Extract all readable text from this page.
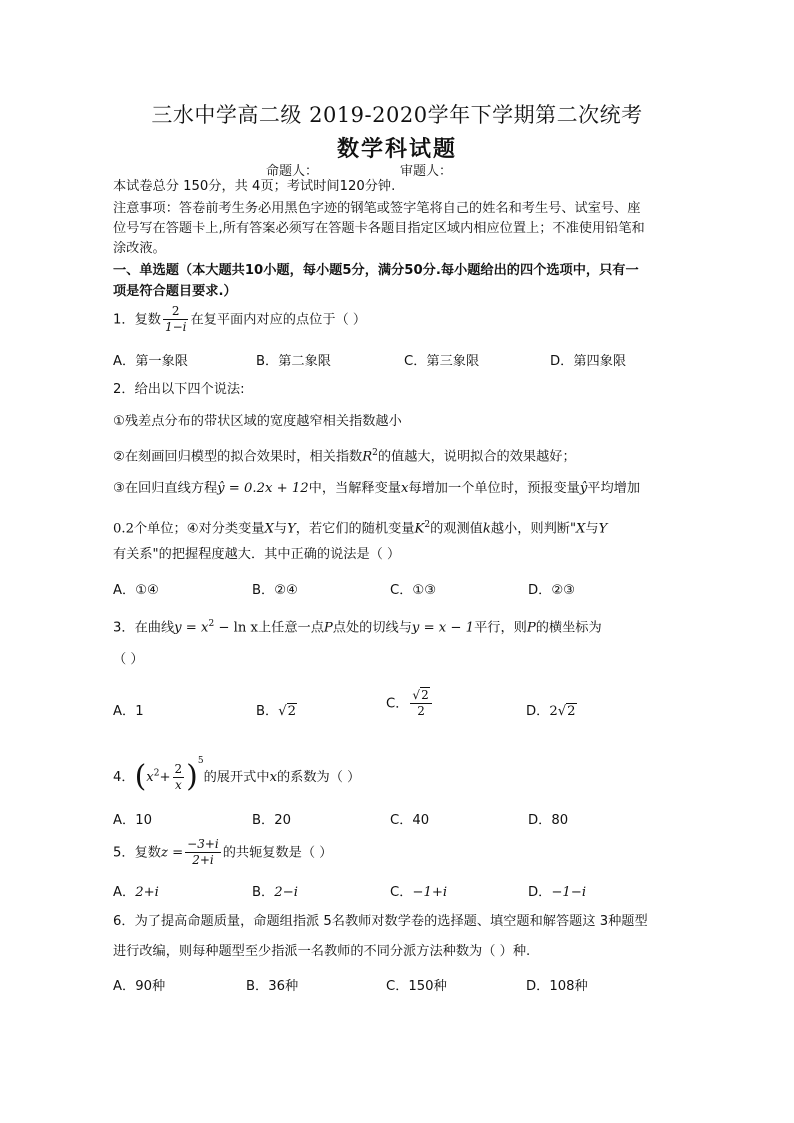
三水中学高二级 2019-2020学年下学期第二次统考
数学科试题
命题人：	审题人：
本试卷总分 150分，共 4页；考试时间120分钟.
注意事项：答卷前考生务必用黑色字迹的钢笔或签字笔将自己的姓名和考生号、试室号、座
位号写在答题卡上,所有答案必须写在答题卡各题目指定区域内相应位置上；不准使用铅笔和
涂改液。
一、单选题（本大题共10小题，每小题5分，满分50分.每小题给出的四个选项中，只有一
项是符合题目要求.）
1．复数 $\frac{2}{1-i}$ 在复平面内对应的点位于（ ）
A．第一象限	B．第二象限	C．第三象限	D．第四象限
2．给出以下四个说法:
①残差点分布的带状区域的宽度越窄相关指数越小
②在刻画回归模型的拟合效果时，相关指数$R^2$的值越大，说明拟合的效果越好；
③在回归直线方程ŷ = 0.2x + 12中，当解释变量x每增加一个单位时，预报变量ŷ平均增加
0.2个单位；④对分类变量X与Y，若它们的随机变量$K^2$的观测值k越小，则判断"X与Y
有关系"的把握程度越大．其中正确的说法是（ ）
A．①④	B．②④	C．①③	D．②③
3．在曲线$y = x^2 - \ln x$上任意一点P点处的切线与y = x − 1平行，则P的横坐标为
（ ）
A．1	B．√2	C． $\frac{√2}{2}$	D．2√2
4．$(x^2+ \frac{2}{x} )^5$的展开式中x的系数为（ ）
A．10	B．20	C．40	D．80
5．复数$z = \frac{-3+i}{2+i}$ 的共轭复数是（ ）
A．2+i	B．2−i	C．−1+i	D．−1−i
6．为了提高命题质量，命题组指派 5名教师对数学卷的选择题、填空题和解答题这 3种题型
进行改编，则每种题型至少指派一名教师的不同分派方法种数为（ ）种.
A．90种	B．36种	C．150种	D．108种
